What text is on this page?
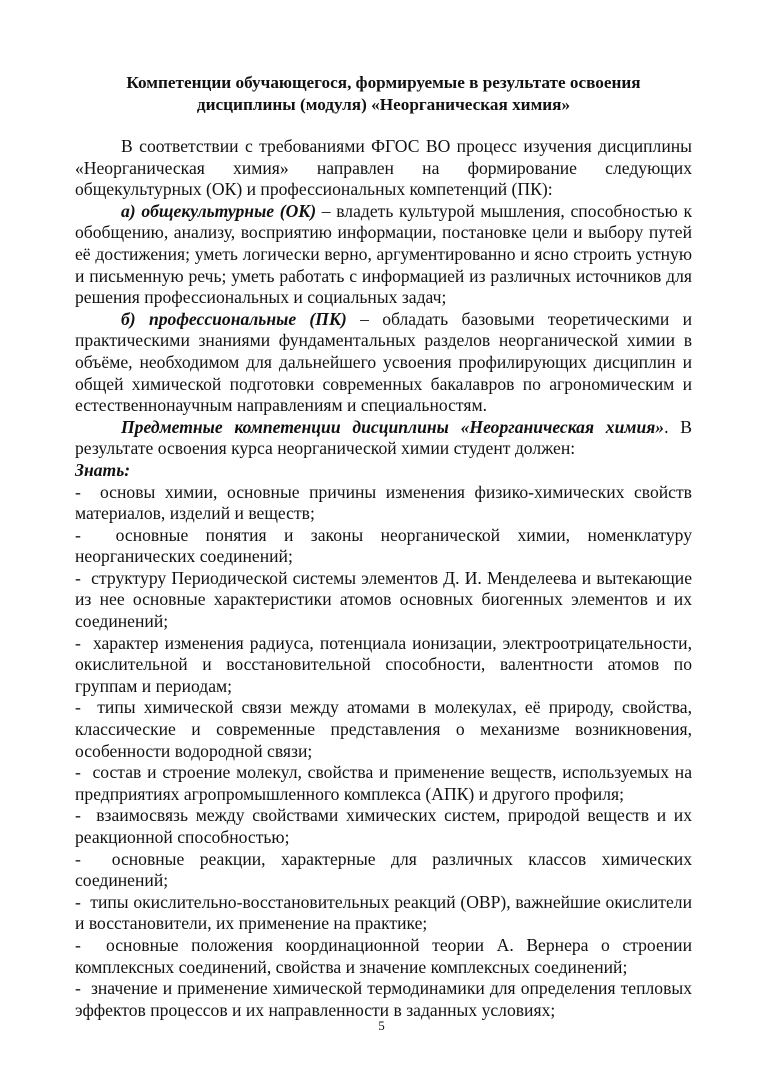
Компетенции обучающегося, формируемые в результате освоения
дисциплины (модуля) «Неорганическая химия»

В соответствии с требованиями ФГОС ВО процесс изучения дисциплины «Неорганическая химия» направлен на формирование следующих общекультурных (ОК) и профессиональных компетенций (ПК):

а) общекультурные (ОК) – владеть культурой мышления, способностью к обобщению, анализу, восприятию информации, постановке цели и выбору путей её достижения; уметь логически верно, аргументированно и ясно строить устную и письменную речь; уметь работать с информацией из различных источников для решения профессиональных и социальных задач;

б) профессиональные (ПК) – обладать базовыми теоретическими и практическими знаниями фундаментальных разделов неорганической химии в объёме, необходимом для дальнейшего усвоения профилирующих дисциплин и общей химической подготовки современных бакалавров по агрономическим и естественнонаучным направлениям и специальностям.

Предметные компетенции дисциплины «Неорганическая химия». В результате освоения курса неорганической химии студент должен:

Знать:

-  основы химии, основные причины изменения физико-химических свойств материалов, изделий и веществ;
-  основные понятия и законы неорганической химии, номенклатуру неорганических соединений;
-  структуру Периодической системы элементов Д. И. Менделеева и вытекающие из нее основные характеристики атомов основных биогенных элементов и их соединений;
-  характер изменения радиуса, потенциала ионизации, электроотрицательности, окислительной и восстановительной способности, валентности атомов по группам и периодам;
-  типы химической связи между атомами в молекулах, её природу, свойства, классические и современные представления о механизме возникновения, особенности водородной связи;
-  состав и строение молекул, свойства и применение веществ, используемых на предприятиях агропромышленного комплекса (АПК) и другого профиля;
-  взаимосвязь между свойствами химических систем, природой веществ и их реакционной способностью;
-  основные реакции, характерные для различных классов химических соединений;
-  типы окислительно-восстановительных реакций (ОВР), важнейшие окислители и восстановители, их применение на практике;
-  основные положения координационной теории А. Вернера о строении комплексных соединений, свойства и значение комплексных соединений;
-  значение и применение химической термодинамики для определения тепловых эффектов процессов и их направленности в заданных условиях;
5
